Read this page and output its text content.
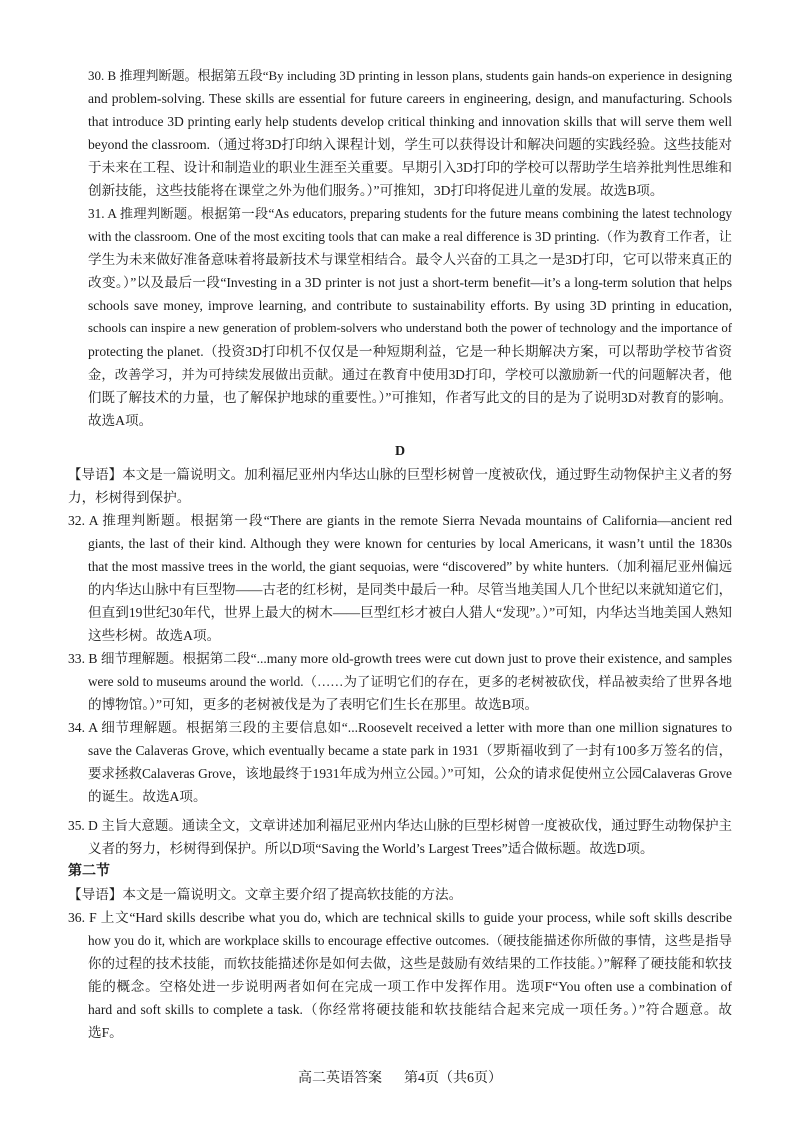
30. B 推理判断题。根据第五段“By including 3D printing in lesson plans, students gain hands-on experience in designing
and problem-solving. These skills are essential for future careers in engineering, design, and manufacturing. Schools
that introduce 3D printing early help students develop critical thinking and innovation skills that will serve them well
beyond the classroom.（通过将3D打印纳入课程计划，学生可以获得设计和解决问题的实践经验。这些技能对
于未来在工程、设计和制造业的职业生涯至关重要。早期引入3D打印的学校可以帮助学生培养批判性思维和
创新技能，这些技能将在课堂之外为他们服务。）”可推知，3D打印将促进儿童的发展。故选B项。
31. A 推理判断题。根据第一段“As educators, preparing students for the future means combining the latest technology
with the classroom. One of the most exciting tools that can make a real difference is 3D printing.（作为教育工作者，让
学生为未来做好准备意味着将最新技术与课堂相结合。最令人兴奋的工具之一是3D打印，它可以带来真正的
改变。）”以及最后一段“Investing in a 3D printer is not just a short-term benefit—it’s a long-term solution that helps
schools save money, improve learning, and contribute to sustainability efforts. By using 3D printing in education,
schools can inspire a new generation of problem-solvers who understand both the power of technology and the importance of
protecting the planet.（投资3D打印机不仅仅是一种短期利益，它是一种长期解决方案，可以帮助学校节省资
金，改善学习，并为可持续发展做出贡献。通过在教育中使用3D打印，学校可以激励新一代的问题解决者，他
们既了解技术的力量，也了解保护地球的重要性。）”可推知，作者写此文的目的是为了说明3D对教育的影响。
故选A项。
D
【导语】本文是一篇说明文。加利福尼亚州内华达山脉的巨型杉树曾一度被砍伐，通过野生动物保护主义者的努
力，杉树得到保护。
32. A 推理判断题。根据第一段“There are giants in the remote Sierra Nevada mountains of California—ancient red
giants, the last of their kind. Although they were known for centuries by local Americans, it wasn’t until the 1830s
that the most massive trees in the world, the giant sequoias, were “discovered” by white hunters.（加利福尼亚州偏远
的内华达山脉中有巨型物——古老的红杉树，是同类中最后一种。尽管当地美国人几个世纪以来就知道它们，
但直到19世纪30年代，世界上最大的树木——巨型红杉才被白人猎人“发现”。）”可知，内华达当地美国人熟知
这些杉树。故选A项。
33. B 细节理解题。根据第二段“...many more old-growth trees were cut down just to prove their existence, and samples
were sold to museums around the world.（……为了证明它们的存在，更多的老树被砍伐，样品被卖给了世界各地
的博物馆。）”可知，更多的老树被伐是为了表明它们生长在那里。故选B项。
34. A 细节理解题。根据第三段的主要信息如“...Roosevelt received a letter with more than one million signatures to
save the Calaveras Grove, which eventually became a state park in 1931（罗斯福收到了一封有100多万签名的信，
要求拯救Calaveras Grove，该地最终于1931年成为州立公园。）”可知，公众的请求促使州立公园Calaveras Grove
的诞生。故选A项。
35. D 主旨大意题。通读全文，文章讲述加利福尼亚州内华达山脉的巨型杉树曾一度被砍伐，通过野生动物保护主
义者的努力，杉树得到保护。所以D项“Saving the World’s Largest Trees”适合做标题。故选D项。
第二节
【导语】本文是一篇说明文。文章主要介绍了提高软技能的方法。
36. F 上文“Hard skills describe what you do, which are technical skills to guide your process, while soft skills describe
how you do it, which are workplace skills to encourage effective outcomes.（硬技能描述你所做的事情，这些是指导
你的过程的技术技能，而软技能描述你是如何去做，这些是鼓励有效结果的工作技能。）”解释了硬技能和软技
能的概念。空格处进一步说明两者如何在完成一项工作中发挥作用。选项F“You often use a combination of
hard and soft skills to complete a task.（你经常将硬技能和软技能结合起来完成一项任务。）”符合题意。故
选F。
高二英语答案 第4页（共6页）
